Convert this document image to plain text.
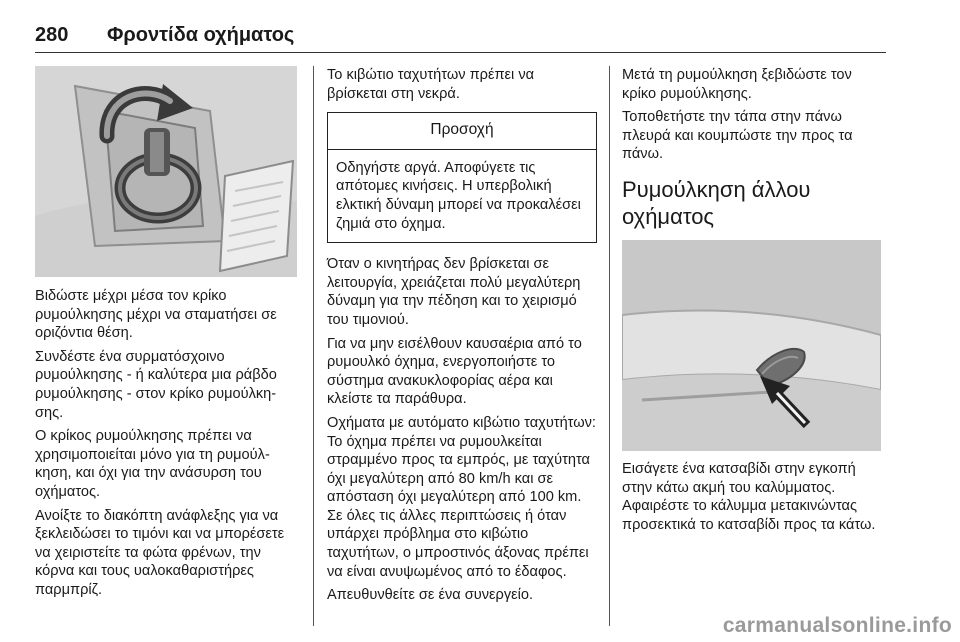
280 Φροντίδα οχήματος

Βιδώστε μέχρι μέσα τον κρίκο ρυμούλκησης μέχρι να σταματήσει σε οριζόντια θέση.

Συνδέστε ένα συρματόσχοινο ρυμούλκησης - ή καλύτερα μια ράβδο ρυμούλκησης - στον κρίκο ρυμούλκησης.

Ο κρίκος ρυμούλκησης πρέπει να χρησιμοποιείται μόνο για τη ρυμούλκηση, και όχι για την ανάσυρση του οχήματος.

Ανοίξτε το διακόπτη ανάφλεξης για να ξεκλειδώσει το τιμόνι και να μπορέσετε να χειριστείτε τα φώτα φρένων, την κόρνα και τους υαλοκαθαριστήρες παρμπρίζ.

Το κιβώτιο ταχυτήτων πρέπει να βρίσκεται στη νεκρά.

Προσοχή
Οδηγήστε αργά. Αποφύγετε τις απότομες κινήσεις. Η υπερβολική ελκτική δύναμη μπορεί να προκαλέσει ζημιά στο όχημα.

Όταν ο κινητήρας δεν βρίσκεται σε λειτουργία, χρειάζεται πολύ μεγαλύτερη δύναμη για την πέδηση και το χειρισμό του τιμονιού.

Για να μην εισέλθουν καυσαέρια από το ρυμουλκό όχημα, ενεργοποιήστε το σύστημα ανακυκλοφορίας αέρα και κλείστε τα παράθυρα.

Οχήματα με αυτόματο κιβώτιο ταχυτήτων: Το όχημα πρέπει να ρυμουλκείται στραμμένο προς τα εμπρός, με ταχύτητα όχι μεγαλύτερη από 80 km/h και σε απόσταση όχι μεγαλύτερη από 100 km. Σε όλες τις άλλες περιπτώσεις ή όταν υπάρχει πρόβλημα στο κιβώτιο ταχυτήτων, ο μπροστινός άξονας πρέπει να είναι ανυψωμένος από το έδαφος.

Απευθυνθείτε σε ένα συνεργείο.

Μετά τη ρυμούλκηση ξεβιδώστε τον κρίκο ρυμούλκησης.

Τοποθετήστε την τάπα στην πάνω πλευρά και κουμπώστε την προς τα πάνω.

Ρυμούλκηση άλλου οχήματος

Εισάγετε ένα κατσαβίδι στην εγκοπή στην κάτω ακμή του καλύμματος. Αφαιρέστε το κάλυμμα μετακινώντας προσεκτικά το κατσαβίδι προς τα κάτω.

carmanualsonline.info
